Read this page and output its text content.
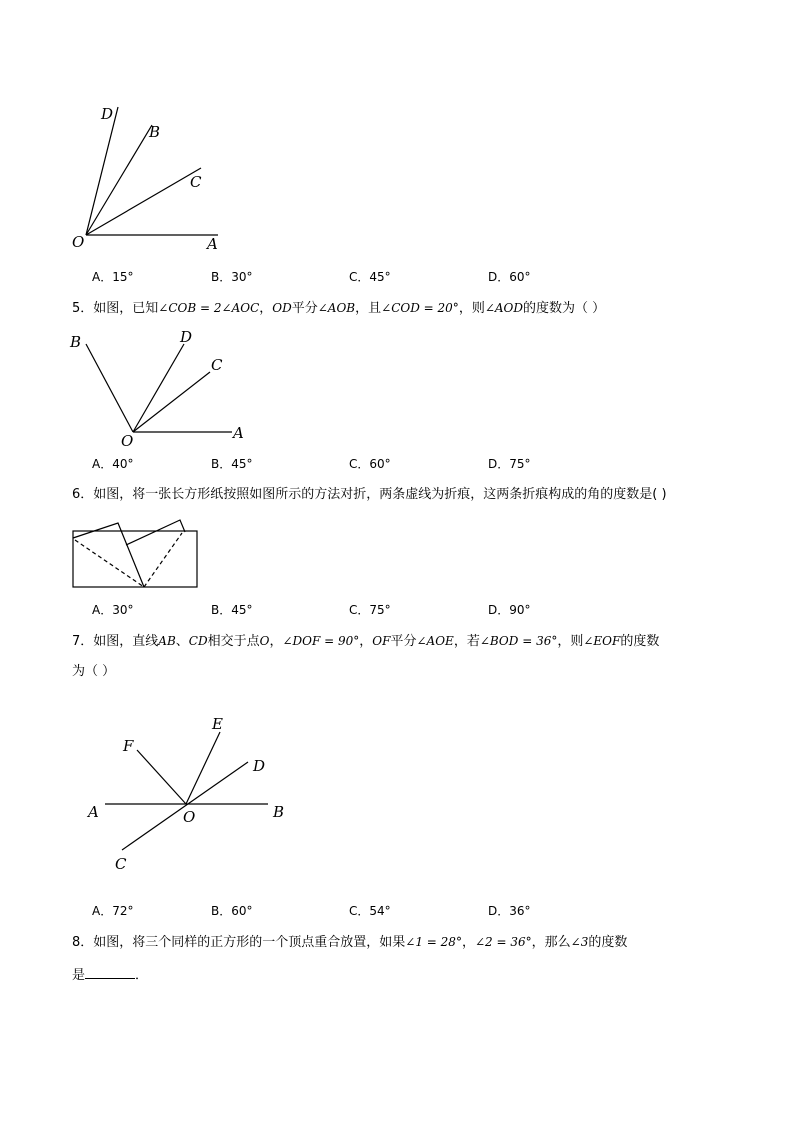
D
B
C
O	A
A．15°	B．30°	C．45°	D．60°
5．如图，已知∠COB = 2∠AOC，OD平分∠AOB，且∠COD = 20°，则∠AOD的度数为（ ）
B	D
C
O	A
A．40°	B．45°	C．60°	D．75°
6．如图，将一张长方形纸按照如图所示的方法对折，两条虚线为折痕，这两条折痕构成的角的度数是( )
A．30°	B．45°	C．75°	D．90°
7．如图，直线AB、CD相交于点O，∠DOF = 90°，OF平分∠AOE，若∠BOD = 36°，则∠EOF的度数
为（ ）
E
F
D
A	O	B
C
A．72°	B．60°	C．54°	D．36°
8．如图，将三个同样的正方形的一个顶点重合放置，如果∠1 = 28°，∠2 = 36°，那么∠3的度数
是	．
